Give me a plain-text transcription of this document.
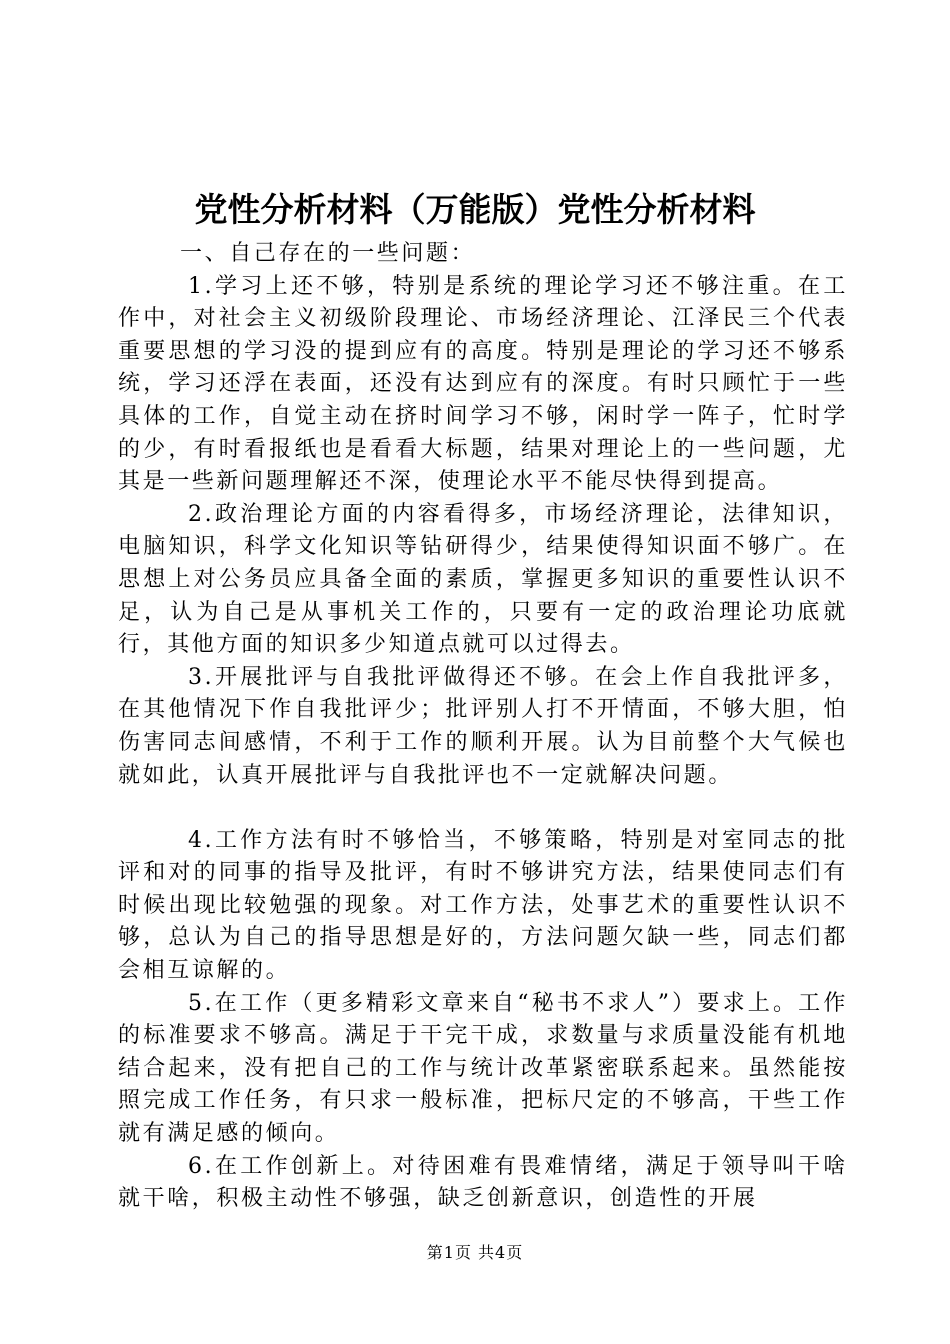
党性分析材料（万能版）党性分析材料

一、自己存在的一些问题：

1.学习上还不够，特别是系统的理论学习还不够注重。在工作中，对社会主义初级阶段理论、市场经济理论、江泽民三个代表重要思想的学习没的提到应有的高度。特别是理论的学习还不够系统，学习还浮在表面，还没有达到应有的深度。有时只顾忙于一些具体的工作，自觉主动在挤时间学习不够，闲时学一阵子，忙时学的少，有时看报纸也是看看大标题，结果对理论上的一些问题，尤其是一些新问题理解还不深，使理论水平不能尽快得到提高。

2.政治理论方面的内容看得多，市场经济理论，法律知识，电脑知识，科学文化知识等钻研得少，结果使得知识面不够广。在思想上对公务员应具备全面的素质，掌握更多知识的重要性认识不足，认为自己是从事机关工作的，只要有一定的政治理论功底就行，其他方面的知识多少知道点就可以过得去。

3.开展批评与自我批评做得还不够。在会上作自我批评多，在其他情况下作自我批评少；批评别人打不开情面，不够大胆，怕伤害同志间感情，不利于工作的顺利开展。认为目前整个大气候也就如此，认真开展批评与自我批评也不一定就解决问题。

4.工作方法有时不够恰当，不够策略，特别是对室同志的批评和对的同事的指导及批评，有时不够讲究方法，结果使同志们有时候出现比较勉强的现象。对工作方法，处事艺术的重要性认识不够，总认为自己的指导思想是好的，方法问题欠缺一些，同志们都会相互谅解的。

5.在工作（更多精彩文章来自“秘书不求人”）要求上。工作的标准要求不够高。满足于干完干成，求数量与求质量没能有机地结合起来，没有把自己的工作与统计改革紧密联系起来。虽然能按照完成工作任务，有只求一般标准，把标尺定的不够高，干些工作就有满足感的倾向。

6.在工作创新上。对待困难有畏难情绪，满足于领导叫干啥就干啥，积极主动性不够强，缺乏创新意识，创造性的开展

第1页 共4页
